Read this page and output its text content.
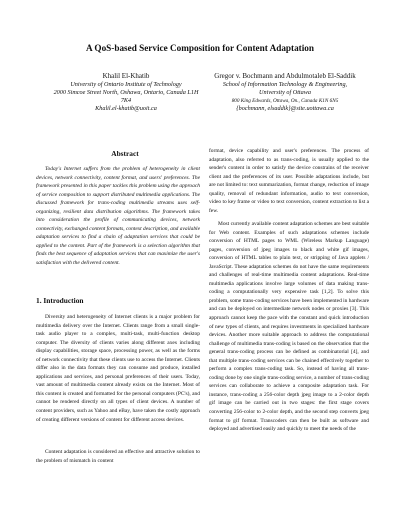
A QoS-based Service Composition for Content Adaptation
Khalil El-Khatib
University of Ontario Institute of Technology
2000 Simcoe Street North, Oshawa, Ontario, Canada L1H 7K4
Khalil.el-khatib@uoit.ca
Gregor v. Bochmann and Abdulmotaleb El-Saddik
School of Information Technology & Engineering, University of Ottawa
800 King Edwards, Ottawa, On., Canada K1N 6N5
{bochmann, elsaddik}@site.uottawa.ca
Abstract

Today's Internet suffers from the problem of heterogeneity in client devices, network connectivity, content format, and users' preferences. The framework presented in this paper tackles this problem using the approach of service composition to support distributed multimedia applications. The discussed framework for trans-coding multimedia streams uses self-organizing, resilient data distribution algorithms. The framework takes into consideration the profile of communicating devices, network connectivity, exchanged content formats, context description, and available adaptation services to find a chain of adaptation services that could be applied to the content. Part of the framework is a selection algorithm that finds the best sequence of adaptation services that can maximize the user's satisfaction with the delivered content.

1. Introduction

Diversity and heterogeneity of Internet clients is a major problem for multimedia delivery over the Internet. Clients range from a small single-task audio player to a complex, multi-task, multi-function desktop computer. The diversity of clients varies along different axes including display capabilities, storage space, processing power, as well as the forms of network connectivity that these clients use to access the Internet. Clients differ also in the data formats they can consume and produce, installed applications and services, and personal preferences of their users. Today, vast amount of multimedia content already exists on the Internet. Most of this content is created and formatted for the personal computers (PC's), and cannot be rendered directly on all types of client devices. A number of content providers, such as Yahoo and eBay, have taken the costly approach of creating different versions of content for different access devices.

Content adaptation is considered an effective and attractive solution to the problem of mismatch in content

format, device capability and user's preferences. The process of adaptation, also referred to as trans-coding, is usually applied to the sender's content in order to satisfy the device constrains of the receiver client and the preferences of its user. Possible adaptations include, but are not limited to: text summarization, format change, reduction of image quality, removal of redundant information, audio to text conversion, video to key frame or video to text conversion, content extraction to list a few.

Most currently available content adaptation schemes are best suitable for Web content. Examples of such adaptations schemes include conversion of HTML pages to WML (Wireless Markup Language) pages, conversion of jpeg images to black and white gif images, conversion of HTML tables to plain text, or stripping of Java applets / JavaScript. These adaptation schemes do not have the same requirements and challenges of real-time multimedia content adaptations. Real-time multimedia applications involve large volumes of data making trans-coding a computationally very expensive task [1,2]. To solve this problem, some trans-coding services have been implemented in hardware and can be deployed on intermediate network nodes or proxies [3]. This approach cannot keep the pace with the constant and quick introduction of new types of clients, and requires investments in specialized hardware devices. Another more suitable approach to address the computational challenge of multimedia trans-coding is based on the observation that the general trans-coding process can be defined as combinatorial [4], and that multiple trans-coding services can be chained effectively together to perform a complex trans-coding task. So, instead of having all trans-coding done by one single trans-coding service, a number of trans-coding services can collaborate to achieve a composite adaptation task. For instance, trans-coding a 256-color depth jpeg image to a 2-color depth gif image can be carried out in two stages: the first stage covers converting 256-color to 2-color depth, and the second step converts jpeg format to gif format. Transcoders can then be built as software and deployed and advertised easily and quickly to meet the needs of the
